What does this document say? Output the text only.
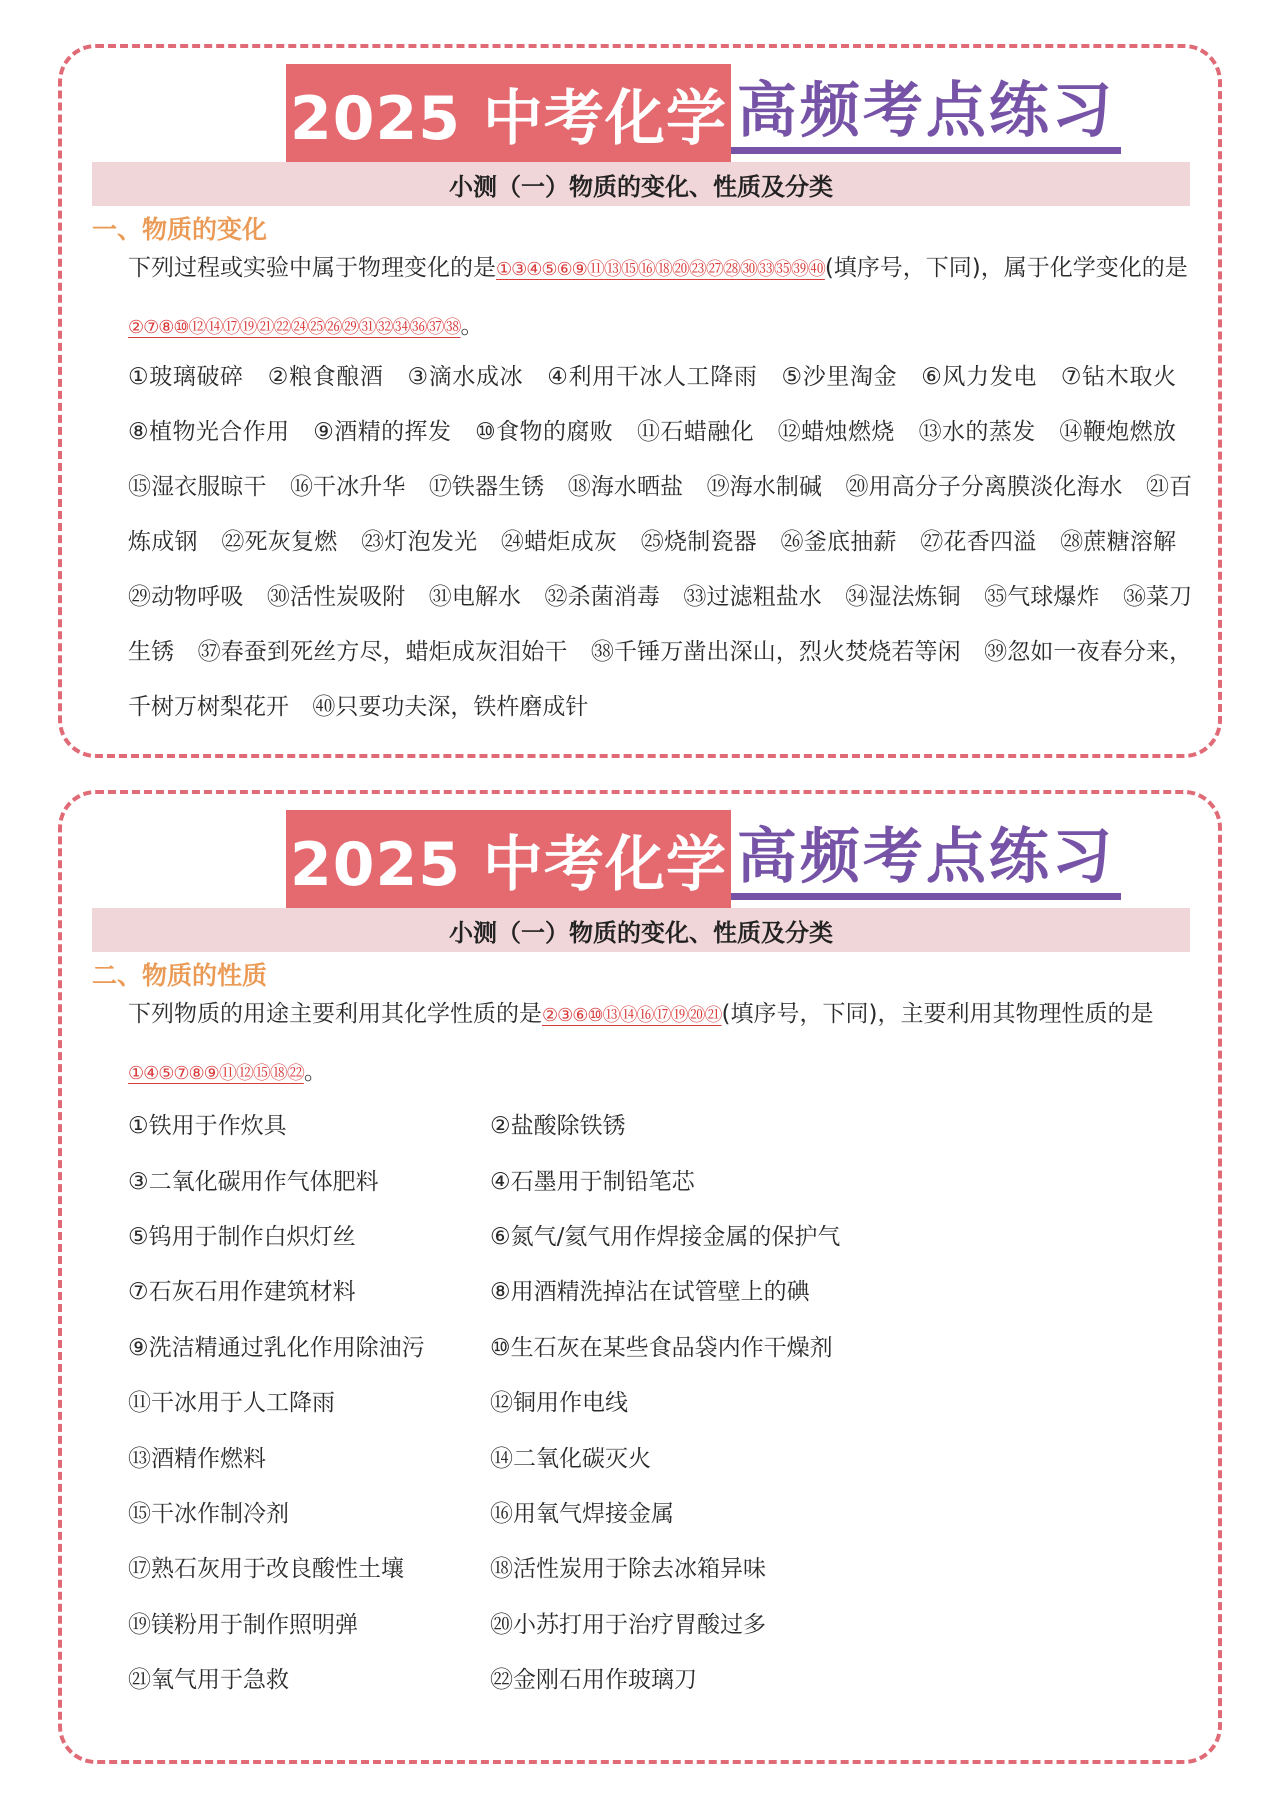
2025 中考化学 高频考点练习
小测（一）物质的变化、性质及分类
一、物质的变化
下列过程或实验中属于物理变化的是①③④⑤⑥⑨⑪⑬⑮⑯⑱⑳㉓㉗㉘㉚㉝㉟㊴㊵(填序号，下同)，属于化学变化的是②⑦⑧⑩⑫⑭⑰⑲㉑㉒㉔㉕㉖㉙㉛㉜㉞㊱㊲㊳。
①玻璃破碎 ②粮食酿酒 ③滴水成冰 ④利用干冰人工降雨 ⑤沙里淘金 ⑥风力发电 ⑦钻木取火 ⑧植物光合作用 ⑨酒精的挥发 ⑩食物的腐败 ⑪石蜡融化 ⑫蜡烛燃烧 ⑬水的蒸发 ⑭鞭炮燃放 ⑮湿衣服晾干 ⑯干冰升华 ⑰铁器生锈 ⑱海水晒盐 ⑲海水制碱 ⑳用高分子分离膜淡化海水 ㉑百炼成钢 ㉒死灰复燃 ㉓灯泡发光 ㉔蜡炬成灰 ㉕烧制瓷器 ㉖釜底抽薪 ㉗花香四溢 ㉘蔗糖溶解 ㉙动物呼吸 ㉚活性炭吸附 ㉛电解水 ㉜杀菌消毒 ㉝过滤粗盐水 ㉞湿法炼铜 ㉟气球爆炸 ㊱菜刀生锈 ㊲春蚕到死丝方尽，蜡炬成灰泪始干 ㊳千锤万凿出深山，烈火焚烧若等闲 ㊴忽如一夜春分来，千树万树梨花开 ㊵只要功夫深，铁杵磨成针
2025 中考化学 高频考点练习
小测（一）物质的变化、性质及分类
二、物质的性质
下列物质的用途主要利用其化学性质的是②③⑥⑩⑬⑭⑯⑰⑲⑳㉑(填序号，下同)，主要利用其物理性质的是①④⑤⑦⑧⑨⑪⑫⑮⑱㉒。
①铁用于作炊具	②盐酸除铁锈
③二氧化碳用作气体肥料	④石墨用于制铅笔芯
⑤钨用于制作白炽灯丝	⑥氮气/氦气用作焊接金属的保护气
⑦石灰石用作建筑材料	⑧用酒精洗掉沾在试管壁上的碘
⑨洗洁精通过乳化作用除油污	⑩生石灰在某些食品袋内作干燥剂
⑪干冰用于人工降雨	⑫铜用作电线
⑬酒精作燃料	⑭二氧化碳灭火
⑮干冰作制冷剂	⑯用氧气焊接金属
⑰熟石灰用于改良酸性土壤	⑱活性炭用于除去冰箱异味
⑲镁粉用于制作照明弹	⑳小苏打用于治疗胃酸过多
㉑氧气用于急救	㉒金刚石用作玻璃刀
